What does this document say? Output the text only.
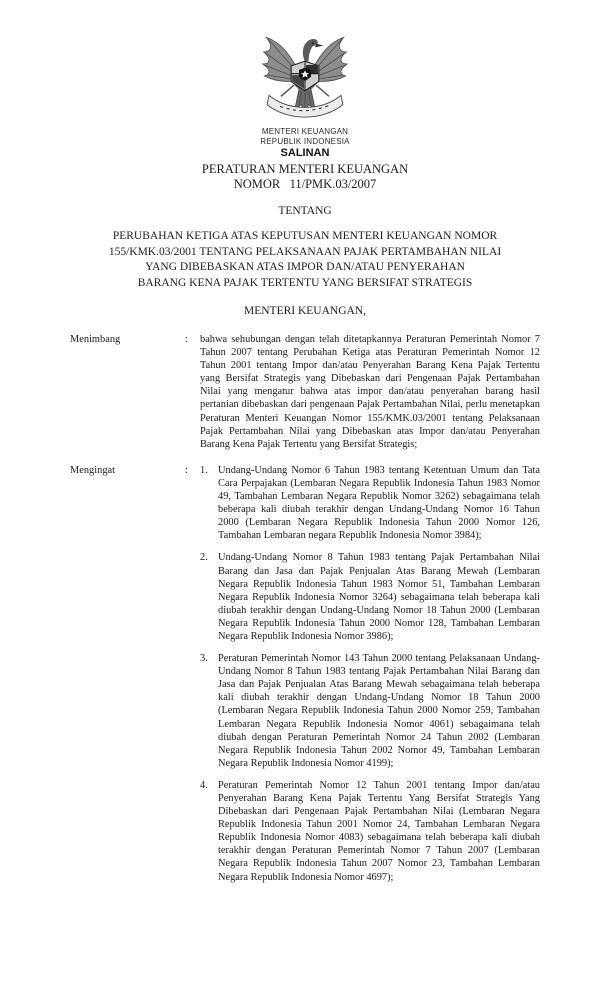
MENTERI KEUANGAN
REPUBLIK INDONESIA
SALINAN
PERATURAN MENTERI KEUANGAN
NOMOR   11/PMK.03/2007
TENTANG
PERUBAHAN KETIGA ATAS KEPUTUSAN MENTERI KEUANGAN NOMOR
155/KMK.03/2001 TENTANG PELAKSANAAN PAJAK PERTAMBAHAN NILAI
YANG DIBEBASKAN ATAS IMPOR DAN/ATAU PENYERAHAN
BARANG KENA PAJAK TERTENTU YANG BERSIFAT STRATEGIS
MENTERI KEUANGAN,
Menimbang	:	bahwa sehubungan dengan telah ditetapkannya Peraturan Pemerintah Nomor 7 Tahun 2007 tentang Perubahan Ketiga atas Peraturan Pemerintah Nomor 12 Tahun 2001 tentang Impor dan/atau Penyerahan Barang Kena Pajak Tertentu yang Bersifat Strategis yang Dibebaskan dari Pengenaan Pajak Pertambahan Nilai yang mengatur bahwa atas impor dan/atau penyerahan barang hasil pertanian dibebaskan dari pengenaan Pajak Pertambahan Nilai, perlu menetapkan Peraturan Menteri Keuangan Nomor 155/KMK.03/2001 tentang Pelaksanaan Pajak Pertambahan Nilai yang Dibebaskan atas Impor dan/atau Penyerahan Barang Kena Pajak Tertentu yang Bersifat Strategis;
Mengingat	:	1. Undang-Undang Nomor 6 Tahun 1983 tentang Ketentuan Umum dan Tata Cara Perpajakan (Lembaran Negara Republik Indonesia Tahun 1983 Nomor 49, Tambahan Lembaran Negara Republik Nomor 3262) sebagaimana telah beberapa kali diubah terakhir dengan Undang-Undang Nomor 16 Tahun 2000 (Lembaran Negara Republik Indonesia Tahun 2000 Nomor 126, Tambahan Lembaran negara Republik Indonesia Nomor 3984);
2. Undang-Undang Nomor 8 Tahun 1983 tentang Pajak Pertambahan Nilai Barang dan Jasa dan Pajak Penjualan Atas Barang Mewah (Lembaran Negara Republik Indonesia Tahun 1983 Nomor 51, Tambahan Lembaran Negara Republik Indonesia Nomor 3264) sebagaimana telah beberapa kali diubah terakhir dengan Undang-Undang Nomor 18 Tahun 2000 (Lembaran Negara Republik Indonesia Tahun 2000 Nomor 128, Tambahan Lembaran Negara Republik Indonesia Nomor 3986);
3. Peraturan Pemerintah Nomor 143 Tahun 2000 tentang Pelaksanaan Undang-Undang Nomor 8 Tahun 1983 tentang Pajak Pertambahan Nilai Barang dan Jasa dan Pajak Penjualan Atas Barang Mewah sebagaimana telah beberapa kali diubah terakhir dengan Undang-Undang Nomor 18 Tahun 2000 (Lembaran Negara Republik Indonesia Tahun 2000 Nomor 259, Tambahan Lembaran Negara Republik Indonesia Nomor 4061) sebagaimana telah diubah dengan Peraturan Pemerintah Nomor 24 Tahun 2002 (Lembaran Negara Republik Indonesia Tahun 2002 Nomor 49, Tambahan Lembaran Negara Republik Indonesia Nomor 4199);
4. Peraturan Pemerintah Nomor 12 Tahun 2001 tentang Impor dan/atau Penyerahan Barang Kena Pajak Tertentu Yang Bersifat Strategis Yang Dibebaskan dari Pengenaan Pajak Pertambahan Nilai (Lembaran Negara Republik Indonesia Tahun 2001 Nomor 24, Tambahan Lembaran Negara Republik Indonesia Nomor 4083) sebagaimana telah beberapa kali diubah terakhir dengan Peraturan Pemerintah Nomor 7 Tahun 2007 (Lembaran Negara Republik Indonesia Tahun 2007 Nomor 23, Tambahan Lembaran Negara Republik Indonesia Nomor 4697);
